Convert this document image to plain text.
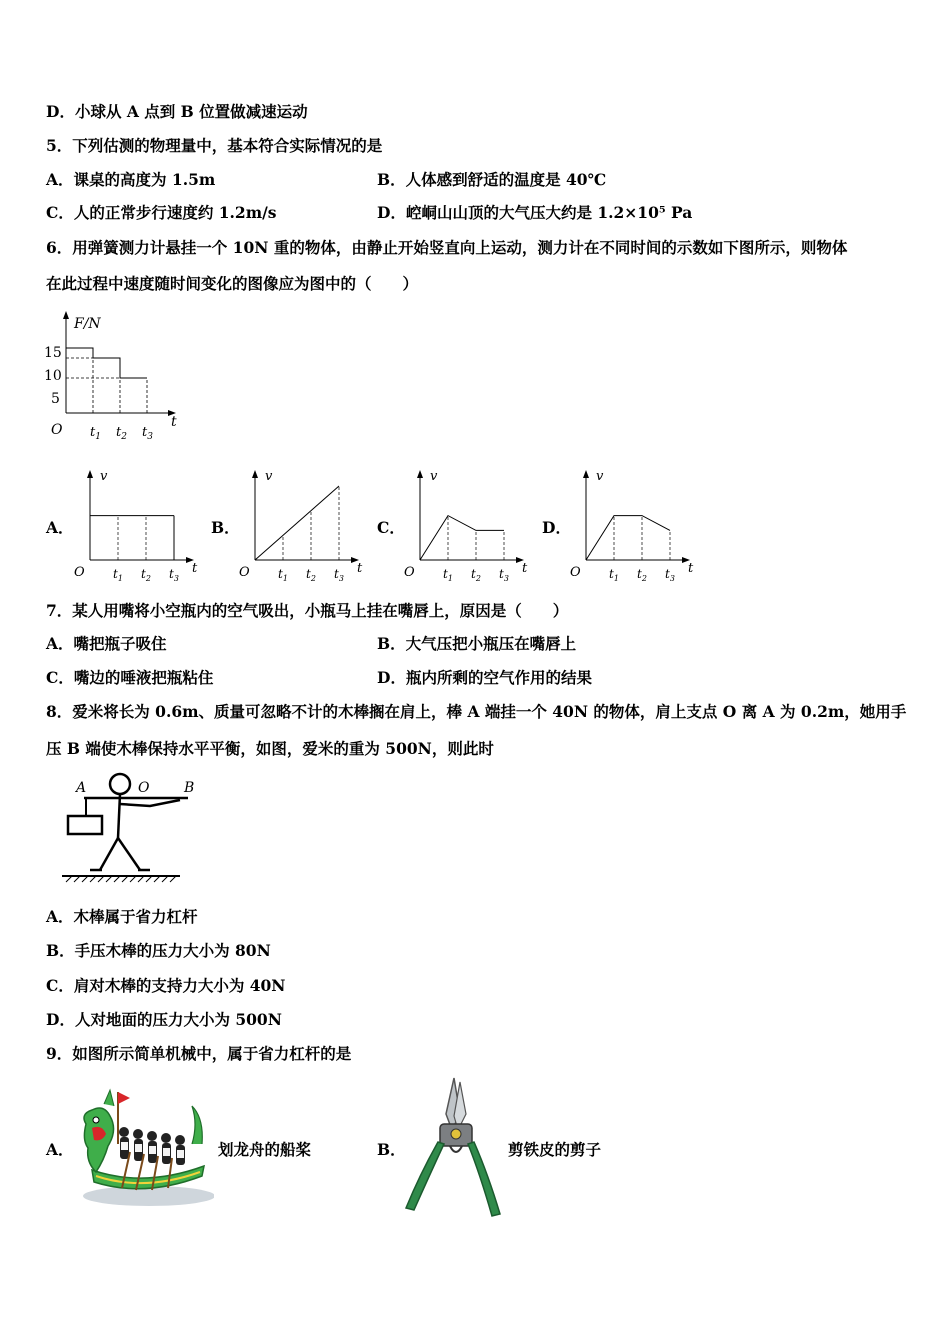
D．小球从 A 点到 B 位置做减速运动
5．下列估测的物理量中，基本符合实际情况的是
A．课桌的高度为 1.5m	B．人体感到舒适的温度是 40℃
C．人的正常步行速度约 1.2m/s	D．崆峒山山顶的大气压大约是 1.2×10⁵ Pa
6．用弹簧测力计悬挂一个 10N 重的物体，由静止开始竖直向上运动，测力计在不同时间的示数如下图所示，则物体
在此过程中速度随时间变化的图像应为图中的（　　）
F/N
t
O
15
10
5
$t_1$ $t_2$ $t_3$
A．	B．	C．	D．
v
t
O $t_1$ $t_2$ $t_3$
v
t
O $t_1$ $t_2$ $t_3$
v
t
O $t_1$ $t_2$ $t_3$
v
t
O $t_1$ $t_2$ $t_3$
7．某人用嘴将小空瓶内的空气吸出，小瓶马上挂在嘴唇上，原因是（　　）
A．嘴把瓶子吸住	B．大气压把小瓶压在嘴唇上
C．嘴边的唾液把瓶粘住	D．瓶内所剩的空气作用的结果
8．爱米将长为 0.6m、质量可忽略不计的木棒搁在肩上，棒 A 端挂一个 40N 的物体，肩上支点 O 离 A 为 0.2m，她用手
压 B 端使木棒保持水平平衡，如图，爱米的重为 500N，则此时
A	O B
A．木棒属于省力杠杆
B．手压木棒的压力大小为 80N
C．肩对木棒的支持力大小为 40N
D．人对地面的压力大小为 500N
9．如图所示简单机械中，属于省力杠杆的是
A．	划龙舟的船桨	B．	剪铁皮的剪子
